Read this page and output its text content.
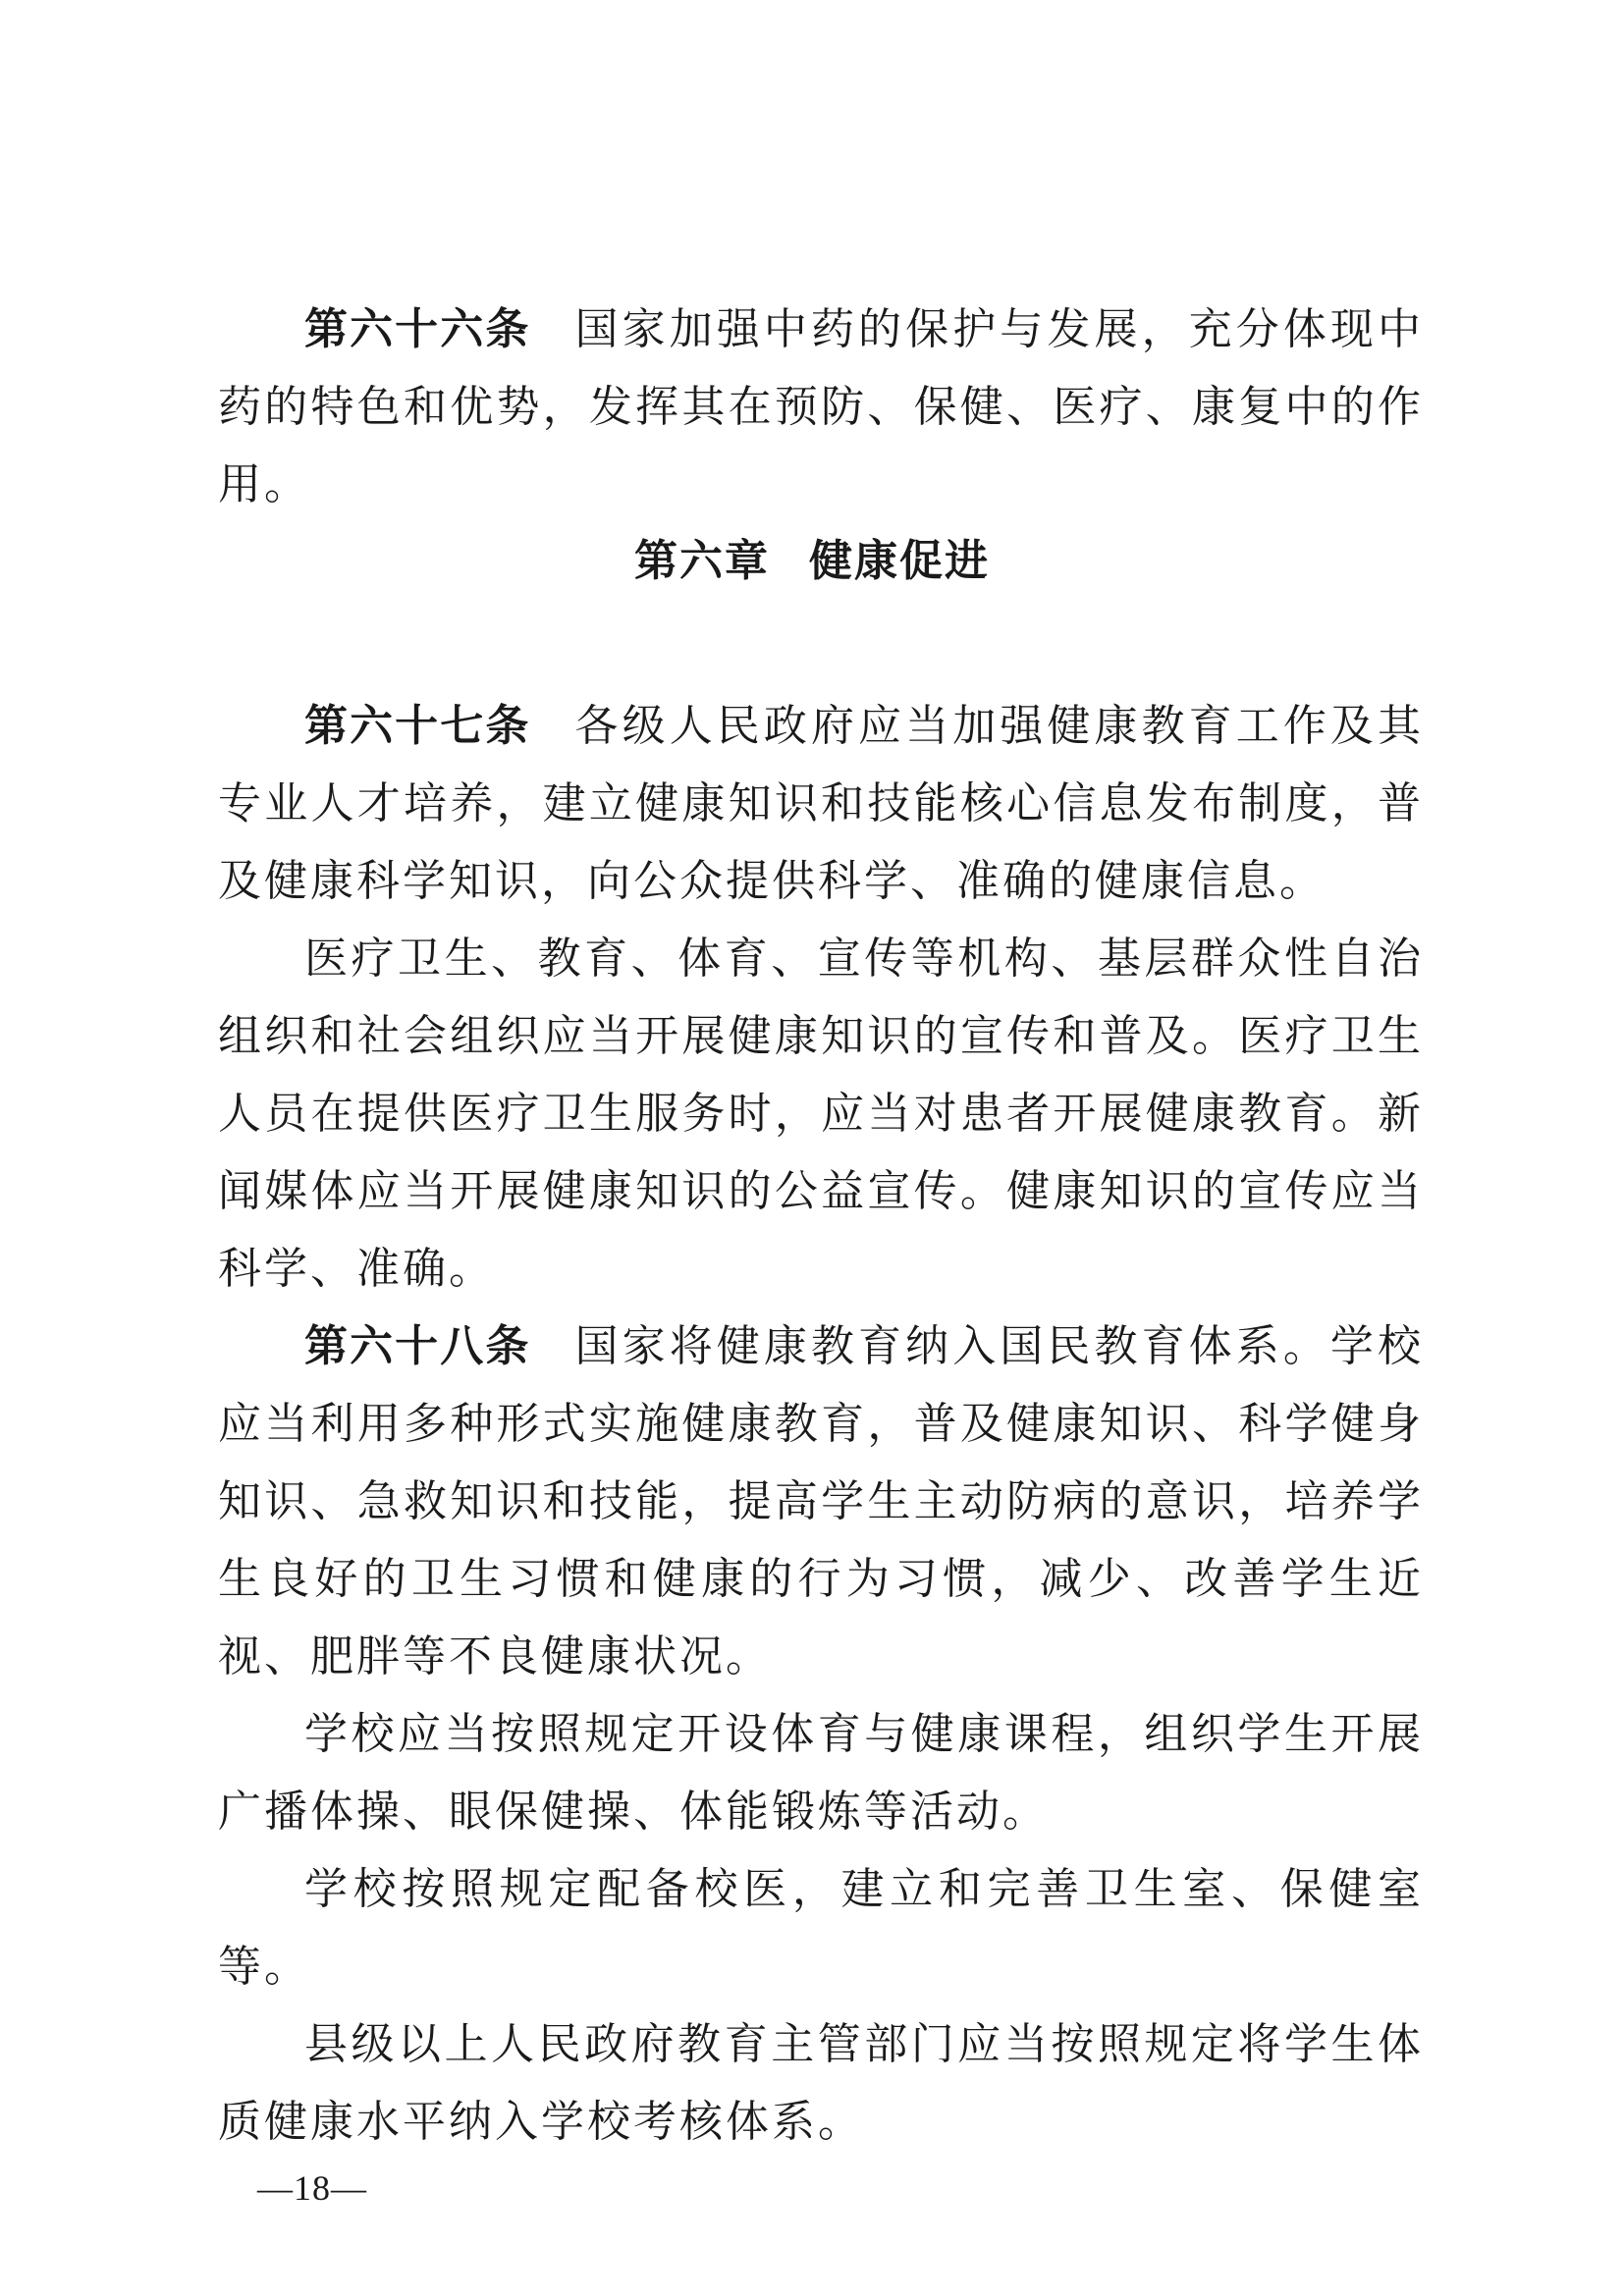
第六十六条 国家加强中药的保护与发展，充分体现中药的特色和优势，发挥其在预防、保健、医疗、康复中的作用。

第六章 健康促进

第六十七条 各级人民政府应当加强健康教育工作及其专业人才培养，建立健康知识和技能核心信息发布制度，普及健康科学知识，向公众提供科学、准确的健康信息。

医疗卫生、教育、体育、宣传等机构、基层群众性自治组织和社会组织应当开展健康知识的宣传和普及。医疗卫生人员在提供医疗卫生服务时，应当对患者开展健康教育。新闻媒体应当开展健康知识的公益宣传。健康知识的宣传应当科学、准确。

第六十八条 国家将健康教育纳入国民教育体系。学校应当利用多种形式实施健康教育，普及健康知识、科学健身知识、急救知识和技能，提高学生主动防病的意识，培养学生良好的卫生习惯和健康的行为习惯，减少、改善学生近视、肥胖等不良健康状况。

学校应当按照规定开设体育与健康课程，组织学生开展广播体操、眼保健操、体能锻炼等活动。

学校按照规定配备校医，建立和完善卫生室、保健室等。

县级以上人民政府教育主管部门应当按照规定将学生体质健康水平纳入学校考核体系。

—18—
